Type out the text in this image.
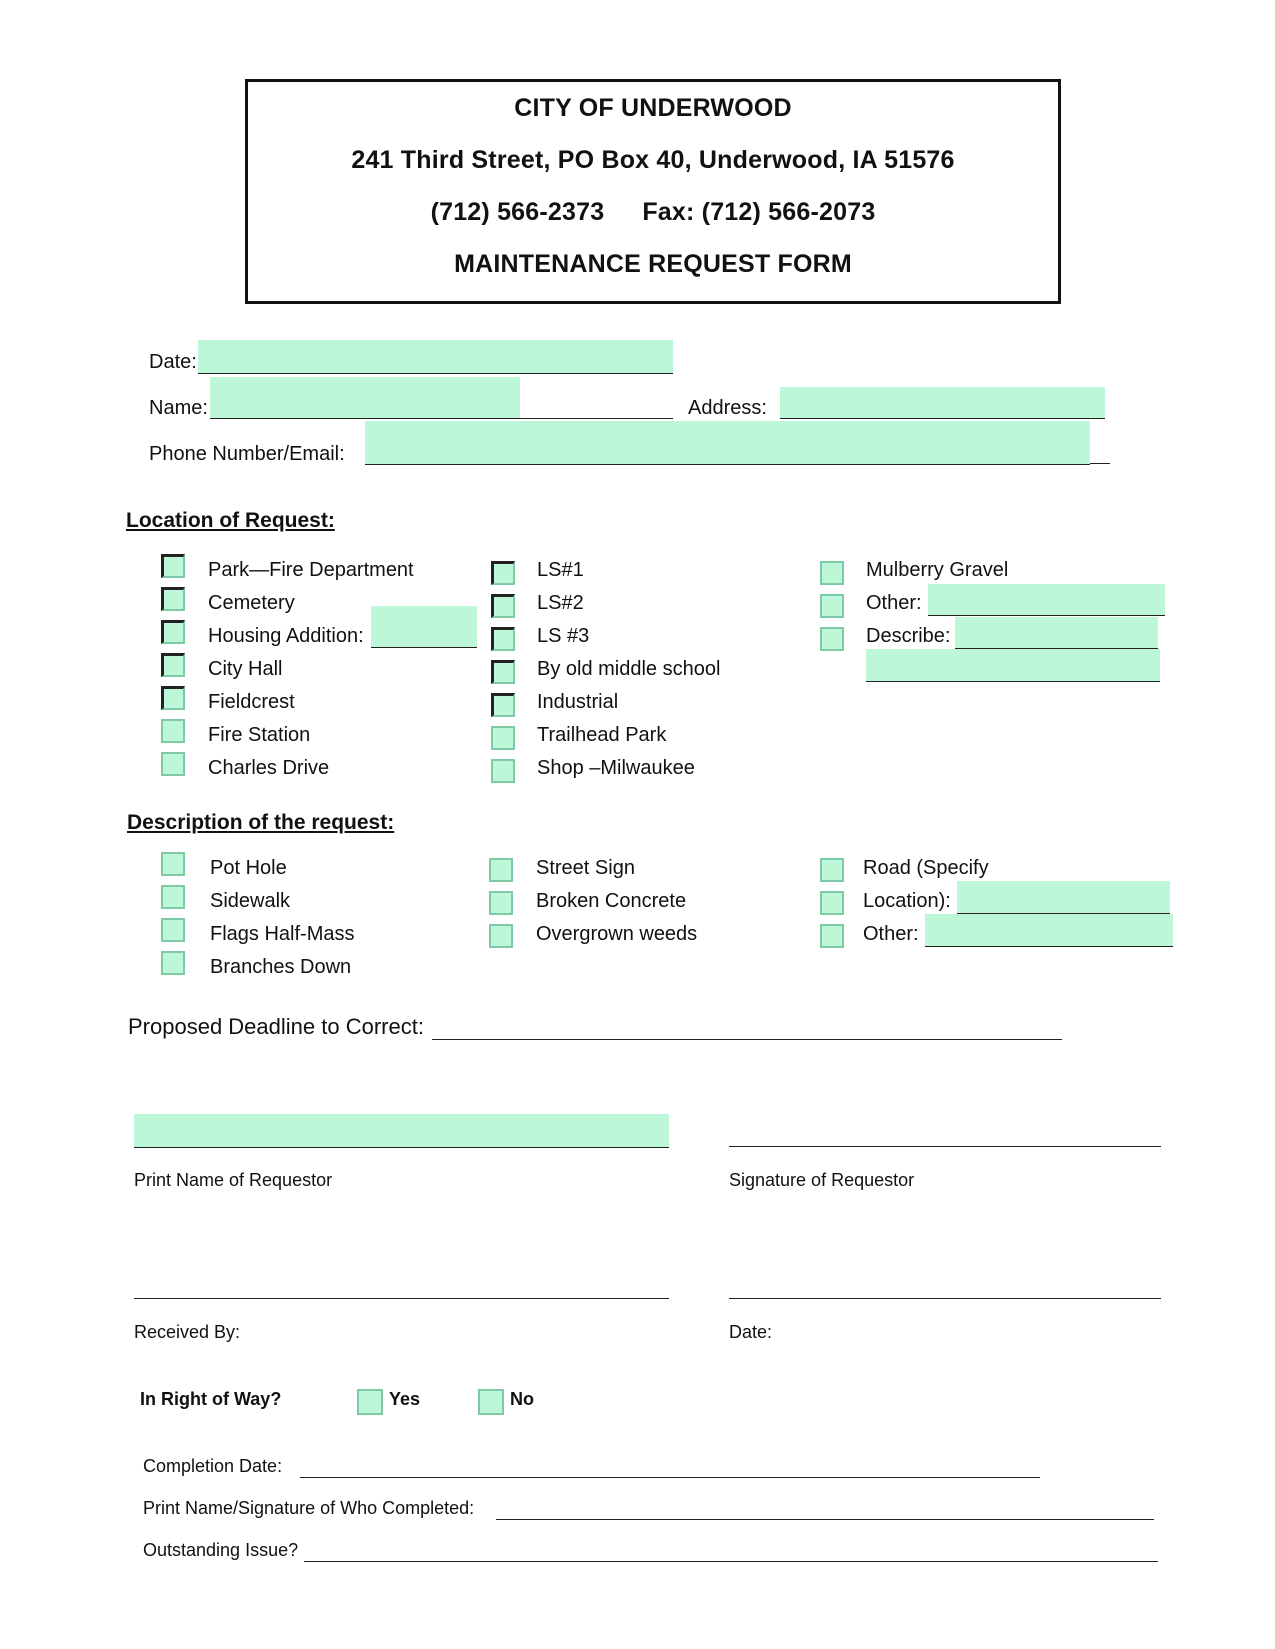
CITY OF UNDERWOOD
241 Third Street, PO Box 40, Underwood, IA 51576
(712) 566-2373 Fax: (712) 566-2073
MAINTENANCE REQUEST FORM
Date:
Name:	Address:
Phone Number/Email:
Location of Request:
Park—Fire Department
Cemetery
Housing Addition:
City Hall
Fieldcrest
Fire Station
Charles Drive
LS#1
LS#2
LS #3
By old middle school
Industrial
Trailhead Park
Shop –Milwaukee
Mulberry Gravel
Other:
Describe:
Description of the request:
Pot Hole
Sidewalk
Flags Half-Mass
Branches Down
Street Sign
Broken Concrete
Overgrown weeds
Road (Specify
Location):
Other:
Proposed Deadline to Correct:
Print Name of Requestor	Signature of Requestor
Received By:	Date:
In Right of Way?	Yes	No
Completion Date:
Print Name/Signature of Who Completed:
Outstanding Issue?
